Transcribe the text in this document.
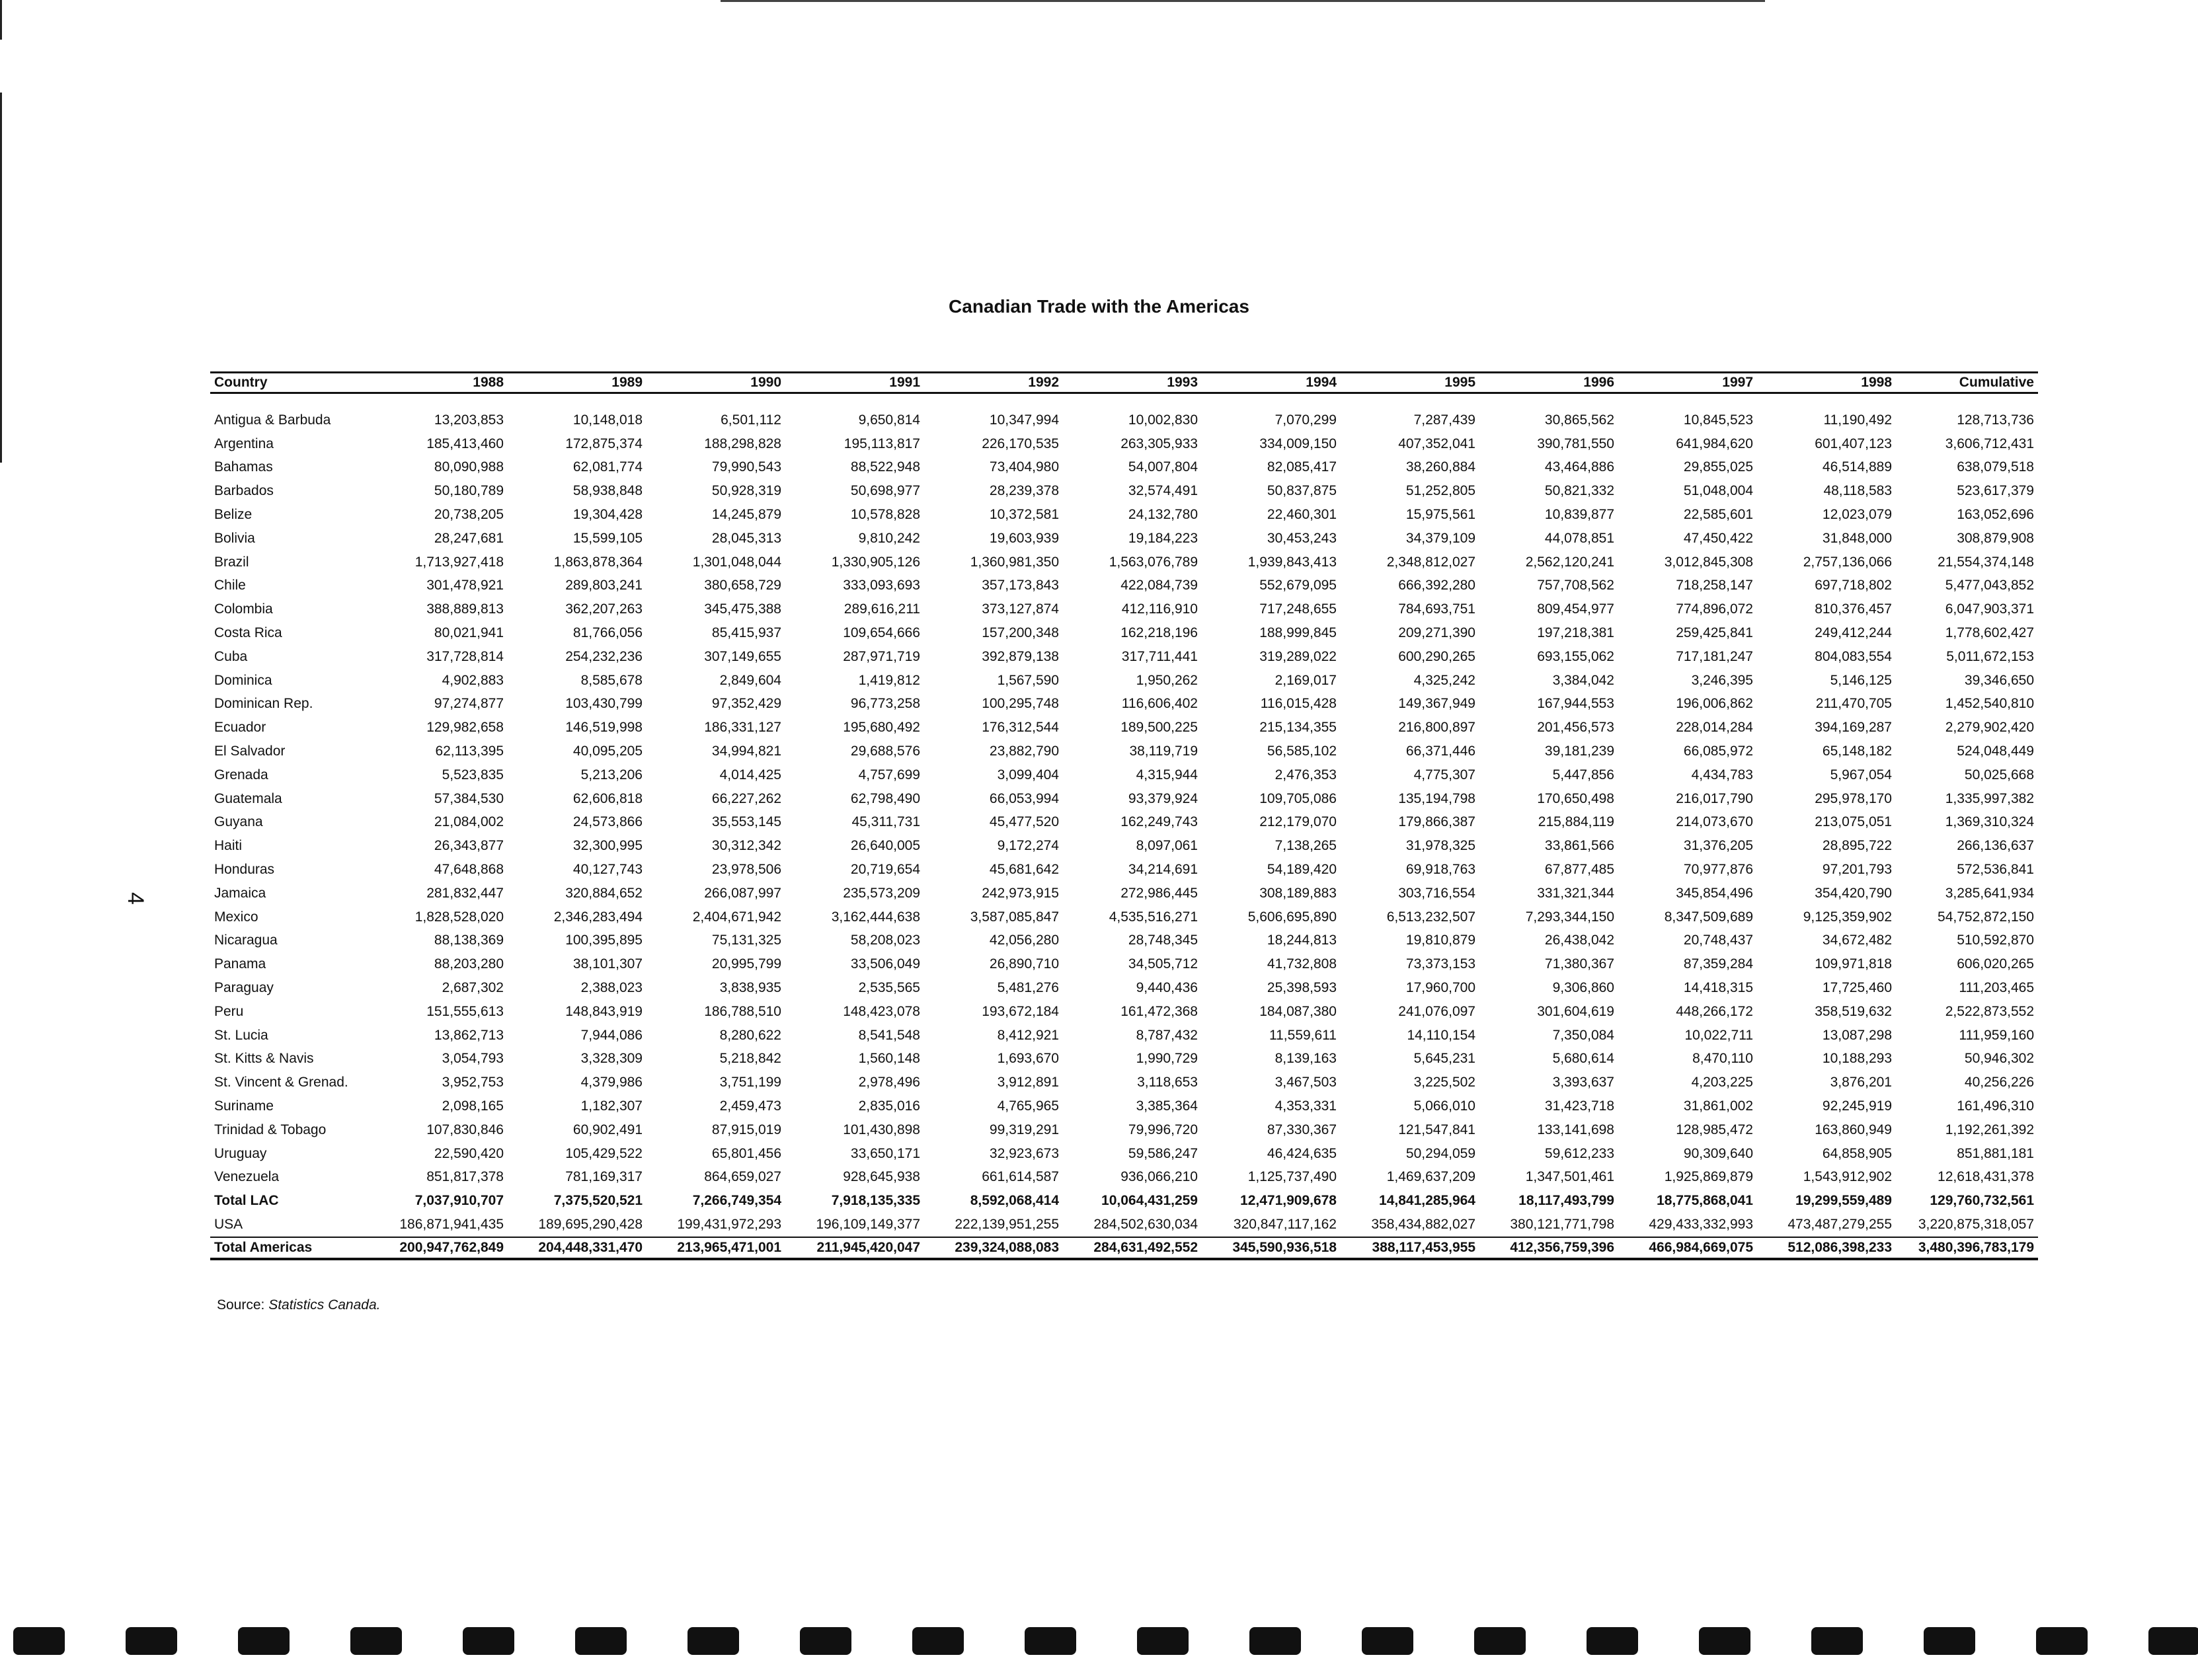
Canadian Trade with the Americas
4
Country	1988	1989	1990	1991	1992	1993	1994	1995	1996	1997	1998	Cumulative

Antigua & Barbuda	13,203,853	10,148,018	6,501,112	9,650,814	10,347,994	10,002,830	7,070,299	7,287,439	30,865,562	10,845,523	11,190,492	128,713,736
Argentina	185,413,460	172,875,374	188,298,828	195,113,817	226,170,535	263,305,933	334,009,150	407,352,041	390,781,550	641,984,620	601,407,123	3,606,712,431
Bahamas	80,090,988	62,081,774	79,990,543	88,522,948	73,404,980	54,007,804	82,085,417	38,260,884	43,464,886	29,855,025	46,514,889	638,079,518
Barbados	50,180,789	58,938,848	50,928,319	50,698,977	28,239,378	32,574,491	50,837,875	51,252,805	50,821,332	51,048,004	48,118,583	523,617,379
Belize	20,738,205	19,304,428	14,245,879	10,578,828	10,372,581	24,132,780	22,460,301	15,975,561	10,839,877	22,585,601	12,023,079	163,052,696
Bolivia	28,247,681	15,599,105	28,045,313	9,810,242	19,603,939	19,184,223	30,453,243	34,379,109	44,078,851	47,450,422	31,848,000	308,879,908
Brazil	1,713,927,418	1,863,878,364	1,301,048,044	1,330,905,126	1,360,981,350	1,563,076,789	1,939,843,413	2,348,812,027	2,562,120,241	3,012,845,308	2,757,136,066	21,554,374,148
Chile	301,478,921	289,803,241	380,658,729	333,093,693	357,173,843	422,084,739	552,679,095	666,392,280	757,708,562	718,258,147	697,718,802	5,477,043,852
Colombia	388,889,813	362,207,263	345,475,388	289,616,211	373,127,874	412,116,910	717,248,655	784,693,751	809,454,977	774,896,072	810,376,457	6,047,903,371
Costa Rica	80,021,941	81,766,056	85,415,937	109,654,666	157,200,348	162,218,196	188,999,845	209,271,390	197,218,381	259,425,841	249,412,244	1,778,602,427
Cuba	317,728,814	254,232,236	307,149,655	287,971,719	392,879,138	317,711,441	319,289,022	600,290,265	693,155,062	717,181,247	804,083,554	5,011,672,153
Dominica	4,902,883	8,585,678	2,849,604	1,419,812	1,567,590	1,950,262	2,169,017	4,325,242	3,384,042	3,246,395	5,146,125	39,346,650
Dominican Rep.	97,274,877	103,430,799	97,352,429	96,773,258	100,295,748	116,606,402	116,015,428	149,367,949	167,944,553	196,006,862	211,470,705	1,452,540,810
Ecuador	129,982,658	146,519,998	186,331,127	195,680,492	176,312,544	189,500,225	215,134,355	216,800,897	201,456,573	228,014,284	394,169,287	2,279,902,420
El Salvador	62,113,395	40,095,205	34,994,821	29,688,576	23,882,790	38,119,719	56,585,102	66,371,446	39,181,239	66,085,972	65,148,182	524,048,449
Grenada	5,523,835	5,213,206	4,014,425	4,757,699	3,099,404	4,315,944	2,476,353	4,775,307	5,447,856	4,434,783	5,967,054	50,025,668
Guatemala	57,384,530	62,606,818	66,227,262	62,798,490	66,053,994	93,379,924	109,705,086	135,194,798	170,650,498	216,017,790	295,978,170	1,335,997,382
Guyana	21,084,002	24,573,866	35,553,145	45,311,731	45,477,520	162,249,743	212,179,070	179,866,387	215,884,119	214,073,670	213,075,051	1,369,310,324
Haiti	26,343,877	32,300,995	30,312,342	26,640,005	9,172,274	8,097,061	7,138,265	31,978,325	33,861,566	31,376,205	28,895,722	266,136,637
Honduras	47,648,868	40,127,743	23,978,506	20,719,654	45,681,642	34,214,691	54,189,420	69,918,763	67,877,485	70,977,876	97,201,793	572,536,841
Jamaica	281,832,447	320,884,652	266,087,997	235,573,209	242,973,915	272,986,445	308,189,883	303,716,554	331,321,344	345,854,496	354,420,790	3,285,641,934
Mexico	1,828,528,020	2,346,283,494	2,404,671,942	3,162,444,638	3,587,085,847	4,535,516,271	5,606,695,890	6,513,232,507	7,293,344,150	8,347,509,689	9,125,359,902	54,752,872,150
Nicaragua	88,138,369	100,395,895	75,131,325	58,208,023	42,056,280	28,748,345	18,244,813	19,810,879	26,438,042	20,748,437	34,672,482	510,592,870
Panama	88,203,280	38,101,307	20,995,799	33,506,049	26,890,710	34,505,712	41,732,808	73,373,153	71,380,367	87,359,284	109,971,818	606,020,265
Paraguay	2,687,302	2,388,023	3,838,935	2,535,565	5,481,276	9,440,436	25,398,593	17,960,700	9,306,860	14,418,315	17,725,460	111,203,465
Peru	151,555,613	148,843,919	186,788,510	148,423,078	193,672,184	161,472,368	184,087,380	241,076,097	301,604,619	448,266,172	358,519,632	2,522,873,552
St. Lucia	13,862,713	7,944,086	8,280,622	8,541,548	8,412,921	8,787,432	11,559,611	14,110,154	7,350,084	10,022,711	13,087,298	111,959,160
St. Kitts & Navis	3,054,793	3,328,309	5,218,842	1,560,148	1,693,670	1,990,729	8,139,163	5,645,231	5,680,614	8,470,110	10,188,293	50,946,302
St. Vincent & Grenad.	3,952,753	4,379,986	3,751,199	2,978,496	3,912,891	3,118,653	3,467,503	3,225,502	3,393,637	4,203,225	3,876,201	40,256,226
Suriname	2,098,165	1,182,307	2,459,473	2,835,016	4,765,965	3,385,364	4,353,331	5,066,010	31,423,718	31,861,002	92,245,919	161,496,310
Trinidad & Tobago	107,830,846	60,902,491	87,915,019	101,430,898	99,319,291	79,996,720	87,330,367	121,547,841	133,141,698	128,985,472	163,860,949	1,192,261,392
Uruguay	22,590,420	105,429,522	65,801,456	33,650,171	32,923,673	59,586,247	46,424,635	50,294,059	59,612,233	90,309,640	64,858,905	851,881,181
Venezuela	851,817,378	781,169,317	864,659,027	928,645,938	661,614,587	936,066,210	1,125,737,490	1,469,637,209	1,347,501,461	1,925,869,879	1,543,912,902	12,618,431,378
Total LAC	7,037,910,707	7,375,520,521	7,266,749,354	7,918,135,335	8,592,068,414	10,064,431,259	12,471,909,678	14,841,285,964	18,117,493,799	18,775,868,041	19,299,559,489	129,760,732,561
USA	186,871,941,435	189,695,290,428	199,431,972,293	196,109,149,377	222,139,951,255	284,502,630,034	320,847,117,162	358,434,882,027	380,121,771,798	429,433,332,993	473,487,279,255	3,220,875,318,057
Total Americas	200,947,762,849	204,448,331,470	213,965,471,001	211,945,420,047	239,324,088,083	284,631,492,552	345,590,936,518	388,117,453,955	412,356,759,396	466,984,669,075	512,086,398,233	3,480,396,783,179
Source: Statistics Canada.
